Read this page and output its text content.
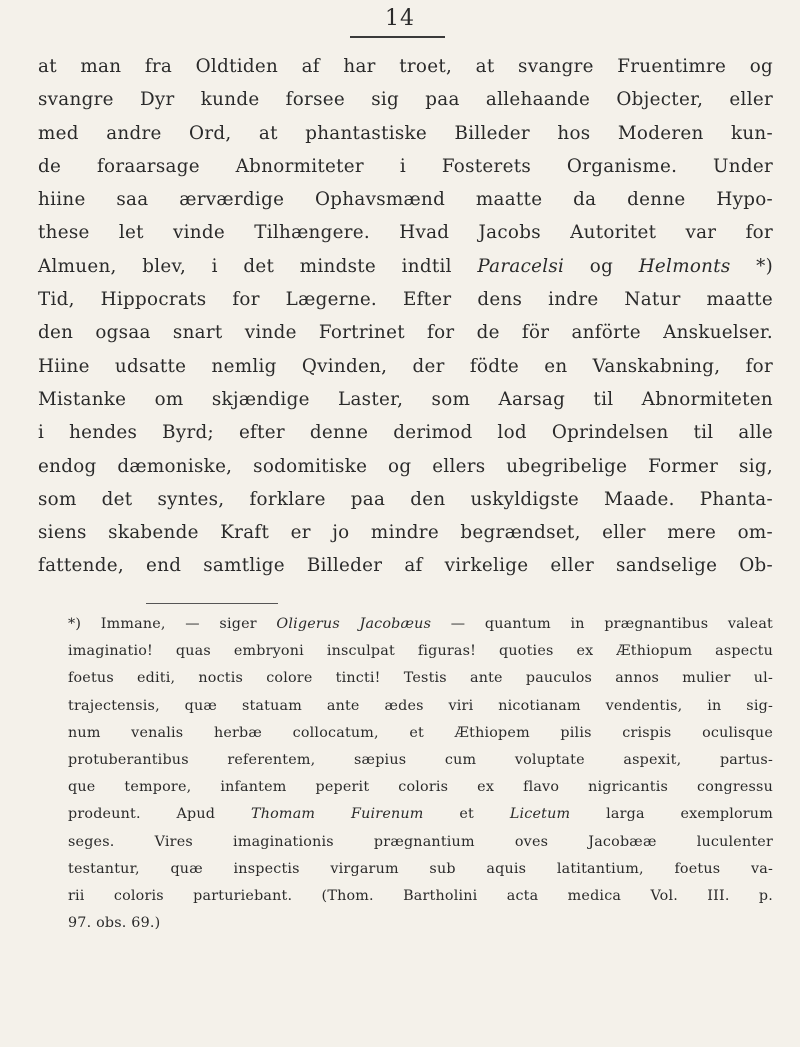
14
at man fra Oldtiden af har troet, at svangre Fruentimre og
svangre Dyr kunde forsee sig paa allehaande Objecter, eller
med andre Ord, at phantastiske Billeder hos Moderen kun-
de foraarsage Abnormiteter i Fosterets Organisme. Under
hiine saa ærværdige Ophavsmænd maatte da denne Hypo-
these let vinde Tilhængere. Hvad Jacobs Autoritet var for
Almuen, blev, i det mindste indtil Paracelsi og Helmonts *)
Tid, Hippocrats for Lægerne. Efter dens indre Natur maatte
den ogsaa snart vinde Fortrinet for de för anförte Anskuelser.
Hiine udsatte nemlig Qvinden, der födte en Vanskabning, for
Mistanke om skjændige Laster, som Aarsag til Abnormiteten
i hendes Byrd; efter denne derimod lod Oprindelsen til alle
endog dæmoniske, sodomitiske og ellers ubegribelige Former sig,
som det syntes, forklare paa den uskyldigste Maade. Phanta-
siens skabende Kraft er jo mindre begrændset, eller mere om-
fattende, end samtlige Billeder af virkelige eller sandselige Ob-
*) Immane, — siger Oligerus Jacobæus — quantum in prægnantibus valeat
imaginatio! quas embryoni insculpat figuras! quoties ex Æthiopum aspectu
foetus editi, noctis colore tincti! Testis ante pauculos annos mulier ul-
trajectensis, quæ statuam ante ædes viri nicotianam vendentis, in sig-
num venalis herbæ collocatum, et Æthiopem pilis crispis oculisque
protuberantibus referentem, sæpius cum voluptate aspexit, partus-
que tempore, infantem peperit coloris ex flavo nigricantis congressu
prodeunt. Apud Thomam Fuirenum et Licetum larga exemplorum
seges. Vires imaginationis prægnantium oves Jacobææ luculenter
testantur, quæ inspectis virgarum sub aquis latitantium, foetus va-
rii coloris parturiebant. (Thom. Bartholini acta medica Vol. III. p.
97. obs. 69.)
